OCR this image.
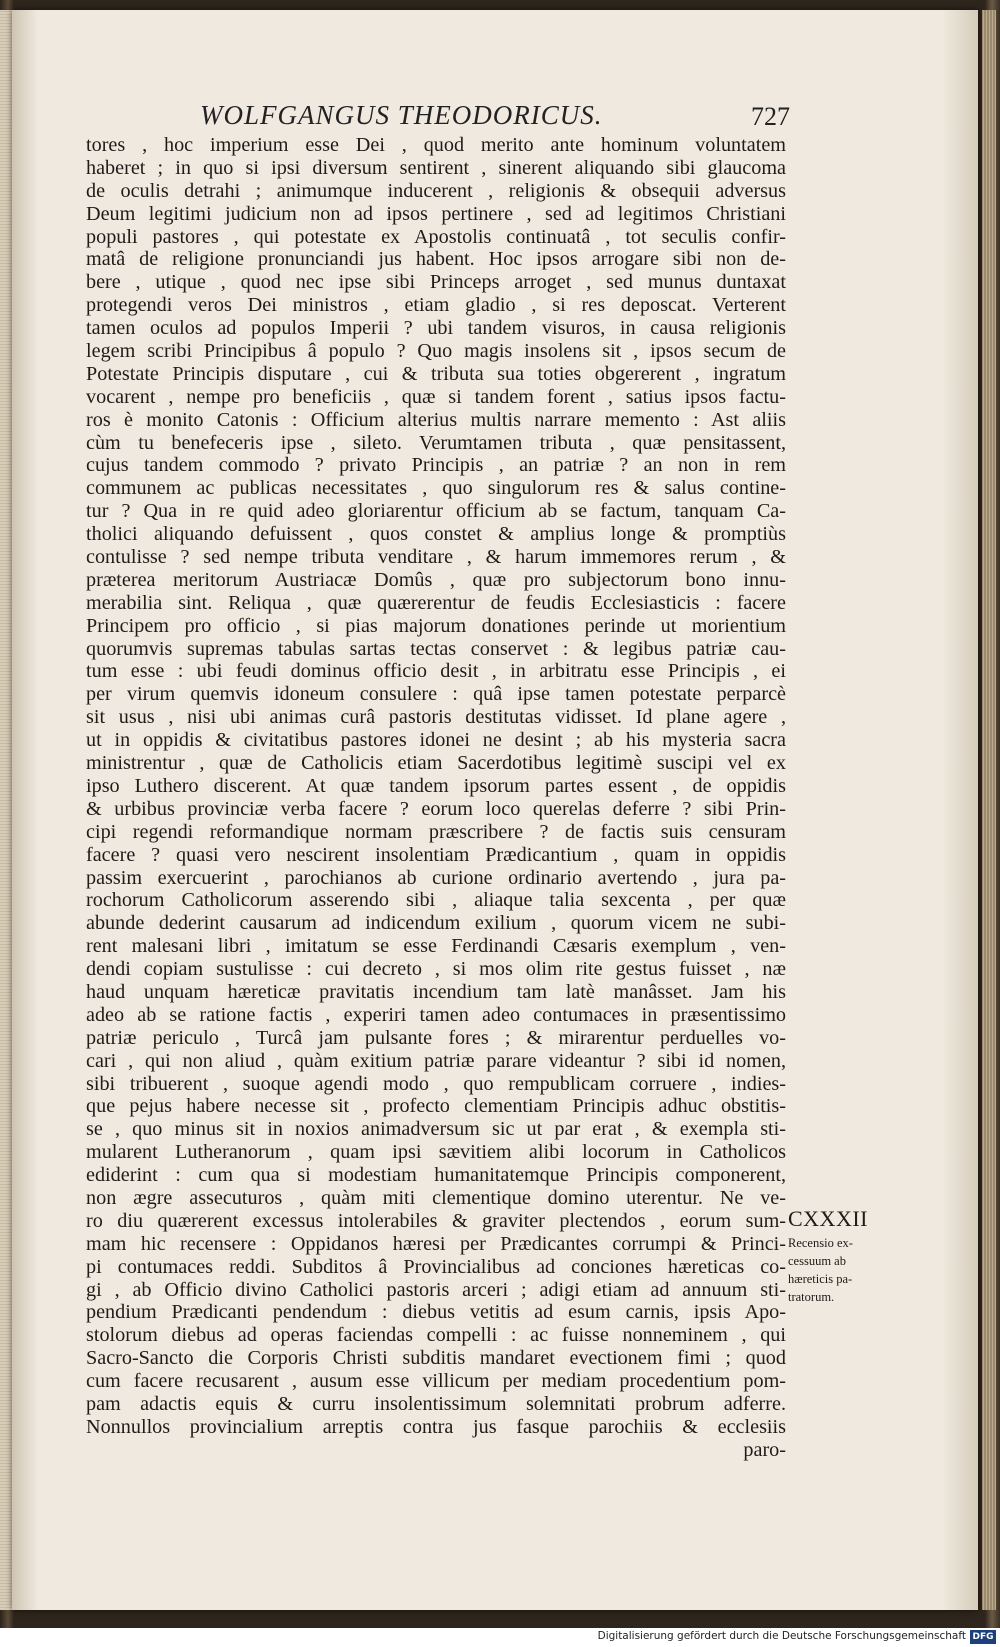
WOLFGANGUS THEODORICUS.	727
tores , hoc imperium esse Dei , quod merito ante hominum voluntatem
haberet ; in quo si ipsi diversum sentirent , sinerent aliquando sibi glaucoma
de oculis detrahi ; animumque inducerent , religionis & obsequii adversus
Deum legitimi judicium non ad ipsos pertinere , sed ad legitimos Christiani
populi pastores , qui potestate ex Apostolis continuatâ , tot seculis confir-
matâ de religione pronunciandi jus habent. Hoc ipsos arrogare sibi non de-
bere , utique , quod nec ipse sibi Princeps arroget , sed munus duntaxat
protegendi veros Dei ministros , etiam gladio , si res deposcat. Verterent
tamen oculos ad populos Imperii ? ubi tandem visuros, in causa religionis
legem scribi Principibus â populo ? Quo magis insolens sit , ipsos secum de
Potestate Principis disputare , cui & tributa sua toties obgererent , ingratum
vocarent , nempe pro beneficiis , quæ si tandem forent , satius ipsos factu-
ros è monito Catonis : Officium alterius multis narrare memento : Ast aliis
cùm tu benefeceris ipse , sileto. Verumtamen tributa , quæ pensitassent,
cujus tandem commodo ? privato Principis , an patriæ ? an non in rem
communem ac publicas necessitates , quo singulorum res & salus contine-
tur ? Qua in re quid adeo gloriarentur officium ab se factum, tanquam Ca-
tholici aliquando defuissent , quos constet & amplius longe & promptiùs
contulisse ? sed nempe tributa venditare , & harum immemores rerum , &
præterea meritorum Austriacæ Domûs , quæ pro subjectorum bono innu-
merabilia sint. Reliqua , quæ quærerentur de feudis Ecclesiasticis : facere
Principem pro officio , si pias majorum donationes perinde ut morientium
quorumvis supremas tabulas sartas tectas conservet : & legibus patriæ cau-
tum esse : ubi feudi dominus officio desit , in arbitratu esse Principis , ei
per virum quemvis idoneum consulere : quâ ipse tamen potestate perparcè
sit usus , nisi ubi animas curâ pastoris destitutas vidisset. Id plane agere ,
ut in oppidis & civitatibus pastores idonei ne desint ; ab his mysteria sacra
ministrentur , quæ de Catholicis etiam Sacerdotibus legitimè suscipi vel ex
ipso Luthero discerent. At quæ tandem ipsorum partes essent , de oppidis
& urbibus provinciæ verba facere ? eorum loco querelas deferre ? sibi Prin-
cipi regendi reformandique normam præscribere ? de factis suis censuram
facere ? quasi vero nescirent insolentiam Prædicantium , quam in oppidis
passim exercuerint , parochianos ab curione ordinario avertendo , jura pa-
rochorum Catholicorum asserendo sibi , aliaque talia sexcenta , per quæ
abunde dederint causarum ad indicendum exilium , quorum vicem ne subi-
rent malesani libri , imitatum se esse Ferdinandi Cæsaris exemplum , ven-
dendi copiam sustulisse : cui decreto , si mos olim rite gestus fuisset , næ
haud unquam hæreticæ pravitatis incendium tam latè manâsset. Jam his
adeo ab se ratione factis , experiri tamen adeo contumaces in præsentissimo
patriæ periculo , Turcâ jam pulsante fores ; & mirarentur perduelles vo-
cari , qui non aliud , quàm exitium patriæ parare videantur ? sibi id nomen,
sibi tribuerent , suoque agendi modo , quo rempublicam corruere , indies-
que pejus habere necesse sit , profecto clementiam Principis adhuc obstitis-
se , quo minus sit in noxios animadversum sic ut par erat , & exempla sti-
mularent Lutheranorum , quam ipsi sævitiem alibi locorum in Catholicos
ediderint : cum qua si modestiam humanitatemque Principis componerent,
non ægre assecuturos , quàm miti clementique domino uterentur. Ne ve-
ro diu quærerent excessus intolerabiles & graviter plectendos , eorum sum-
mam hic recensere : Oppidanos hæresi per Prædicantes corrumpi & Princi-
pi contumaces reddi. Subditos â Provincialibus ad conciones hæreticas co-
gi , ab Officio divino Catholici pastoris arceri ; adigi etiam ad annuum sti-
pendium Prædicanti pendendum : diebus vetitis ad esum carnis, ipsis Apo-
stolorum diebus ad operas faciendas compelli : ac fuisse nonneminem , qui
Sacro-Sancto die Corporis Christi subditis mandaret evectionem fimi ; quod
cum facere recusarent , ausum esse villicum per mediam procedentium pom-
pam adactis equis & curru insolentissimum solemnitati probrum adferre.
Nonnullos provincialium arreptis contra jus fasque parochiis & ecclesiis
paro-
CXXXII
Recensio ex-
cessuum ab
hæreticis pa-
tratorum.
Digitalisierung gefördert durch die Deutsche Forschungsgemeinschaft DFG
